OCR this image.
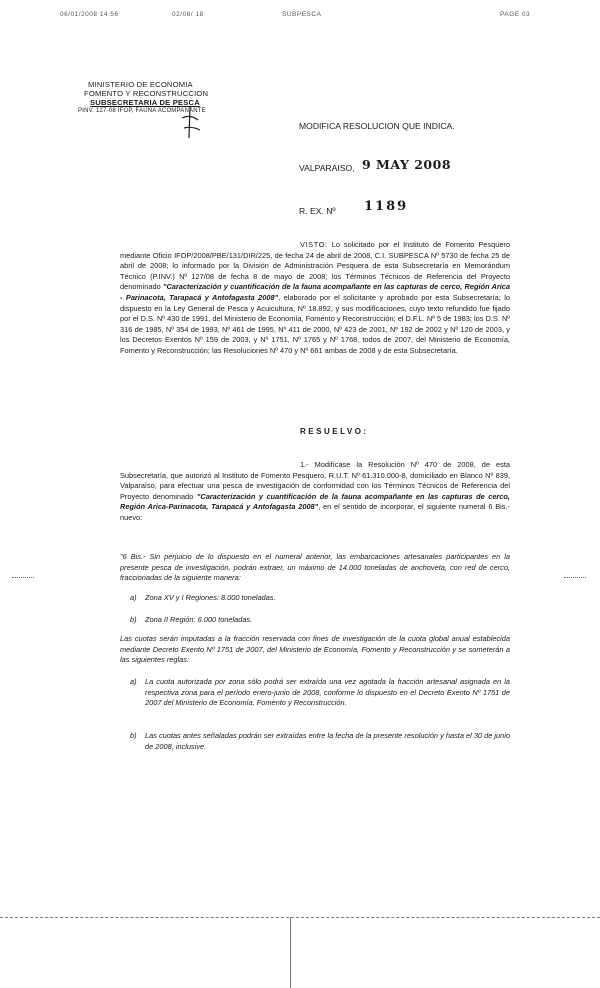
06/01/2008 14:56	02/06/ 18	SUBPESCA	PAGE 03
MINISTERIO DE ECONOMIA
FOMENTO Y RECONSTRUCCION
SUBSECRETARIA DE PESCA
PINV. 127-08 IFOP, FAUNA ACOMPAÑANTE
MODIFICA RESOLUCION QUE INDICA.
VALPARAISO, 9 MAY 2008
R. EX. Nº 1189
VISTO: Lo solicitado por el Instituto de Fomento Pesquero mediante Oficio IFOP/2008/PBE/131/DIR/225, de fecha 24 de abril de 2008, C.I. SUBPESCA Nº 5730 de fecha 25 de abril de 2008; lo informado por la División de Administración Pesquera de esta Subsecretaría en Memorándum Técnico (P.INV.) Nº 127/08 de fecha 8 de mayo de 2008; los Términos Técnicos de Referencia del Proyecto denominado "Caracterización y cuantificación de la fauna acompañante en las capturas de cerco, Región Arica - Parinacota, Tarapacá y Antofagasta 2008", elaborado por el solicitante y aprobado por esta Subsecretaría; lo dispuesto en la Ley General de Pesca y Acuicultura, Nº 18.892, y sus modificaciones, cuyo texto refundido fue fijado por el D.S. Nº 430 de 1991, del Ministerio de Economía, Fomento y Reconstrucción; el D.F.L. Nº 5 de 1983; los D.S. Nº 316 de 1985, Nº 354 de 1993, Nº 461 de 1995, Nº 411 de 2000, Nº 423 de 2001, Nº 192 de 2002 y Nº 120 de 2003, y los Decretos Exentos Nº 159 de 2003, y Nº 1751, Nº 1765 y Nº 1768, todos de 2007, del Ministerio de Economía, Fomento y Reconstrucción; las Resoluciones Nº 470 y Nº 661 ambas de 2008 y de esta Subsecretaría.
RESUELVO:
1.- Modifícase la Resolución Nº 470 de 2008, de esta Subsecretaría, que autorizó al Instituto de Fomento Pesquero, R.U.T. Nº 61.310.000-8, domiciliado en Blanco Nº 839, Valparaíso, para efectuar una pesca de investigación de conformidad con los Términos Técnicos de Referencia del Proyecto denominado "Caracterización y cuantificación de la fauna acompañante en las capturas de cerco, Región Arica-Parinacota, Tarapacá y Antofagasta 2008", en el sentido de incorporar, el siguiente numeral 6 Bis.- nuevo:
"6 Bis.- Sin perjuicio de lo dispuesto en el numeral anterior, las embarcaciones artesanales participantes en la presente pesca de investigación, podrán extraer, un máximo de 14.000 toneladas de anchoveta, con red de cerco, fraccionadas de la siguiente manera:
a) Zona XV y I Regiones: 8.000 toneladas.
b) Zona II Región: 6.000 toneladas.
Las cuotas serán imputadas a la fracción reservada con fines de investigación de la cuota global anual establecida mediante Decreto Exento Nº 1751 de 2007, del Ministerio de Economía, Fomento y Reconstrucción y se someterán a las siguientes reglas:
a) La cuota autorizada por zona sólo podrá ser extraída una vez agotada la fracción artesanal asignada en la respectiva zona para el período enero-junio de 2008, conforme lo dispuesto en el Decreto Exento Nº 1751 de 2007 del Ministerio de Economía, Fomento y Reconstrucción.
b) Las cuotas antes señaladas podrán ser extraídas entre la fecha de la presente resolución y hasta el 30 de junio de 2008, inclusive.
